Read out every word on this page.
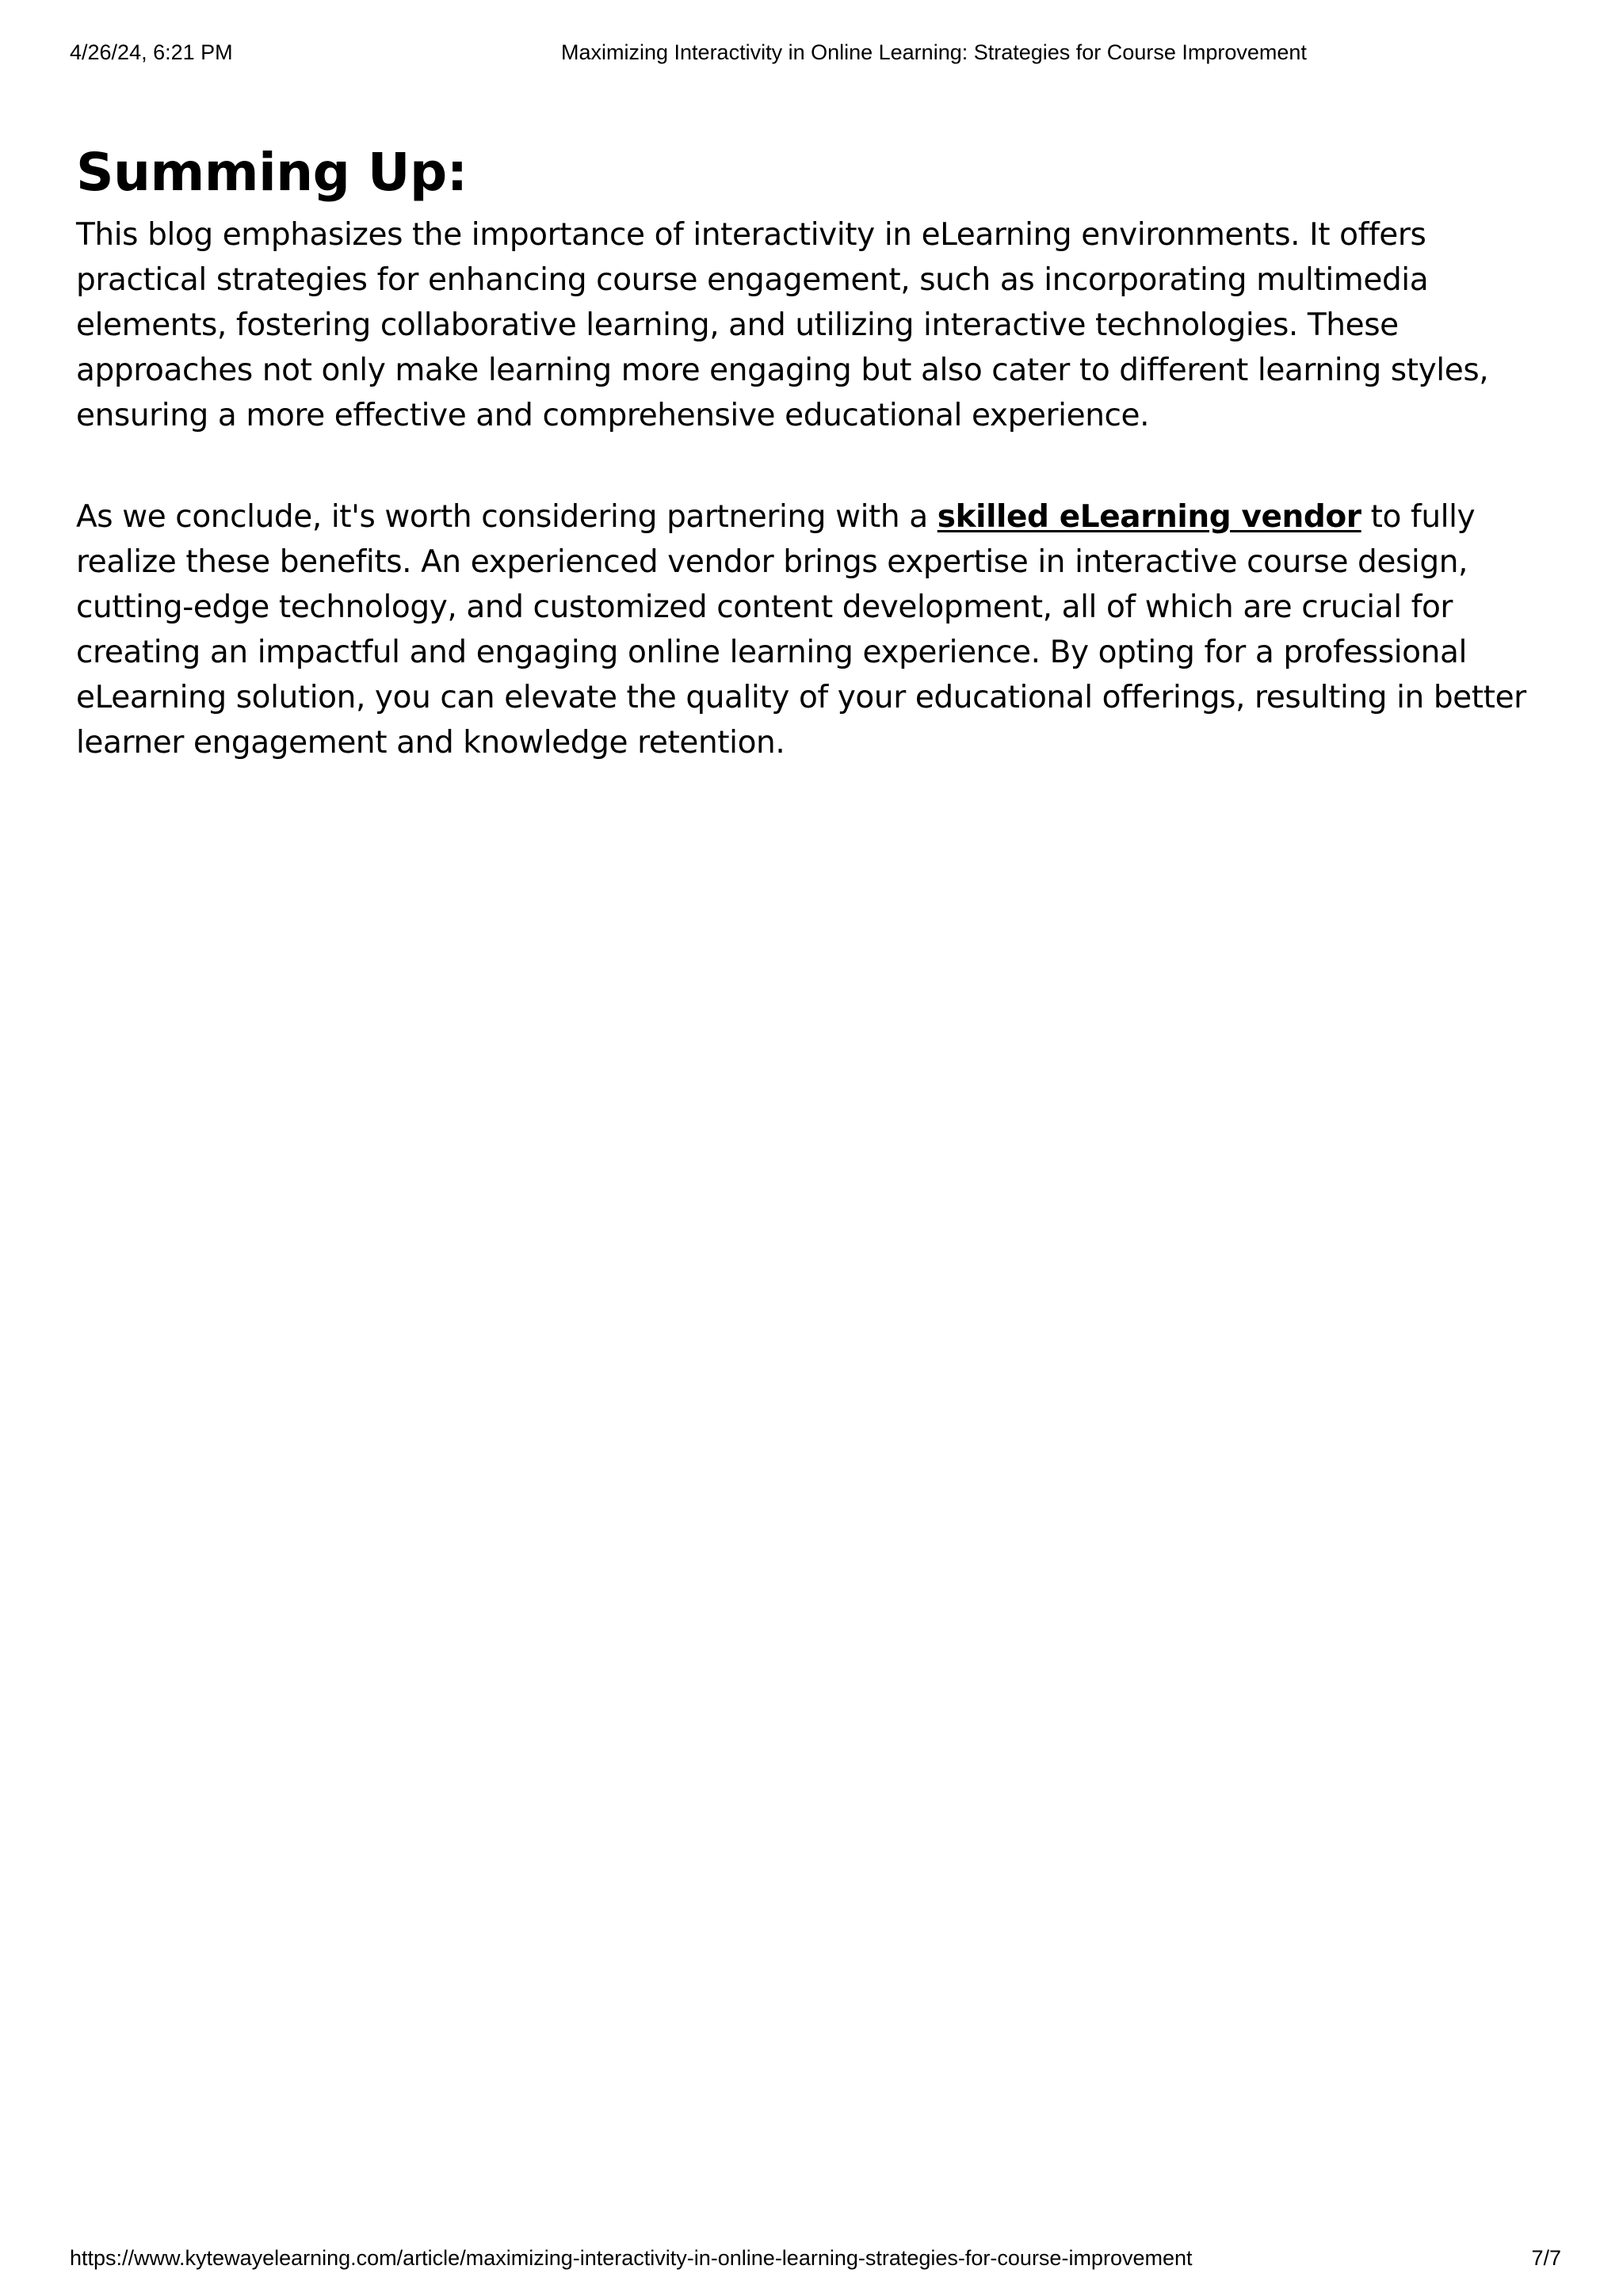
4/26/24, 6:21 PM	Maximizing Interactivity in Online Learning: Strategies for Course Improvement
Summing Up:

This blog emphasizes the importance of interactivity in eLearning environments. It offers practical strategies for enhancing course engagement, such as incorporating multimedia elements, fostering collaborative learning, and utilizing interactive technologies. These approaches not only make learning more engaging but also cater to different learning styles, ensuring a more effective and comprehensive educational experience.

As we conclude, it's worth considering partnering with a skilled eLearning vendor to fully realize these benefits. An experienced vendor brings expertise in interactive course design, cutting-edge technology, and customized content development, all of which are crucial for creating an impactful and engaging online learning experience. By opting for a professional eLearning solution, you can elevate the quality of your educational offerings, resulting in better learner engagement and knowledge retention.

https://www.kytewayelearning.com/article/maximizing-interactivity-in-online-learning-strategies-for-course-improvement	7/7
